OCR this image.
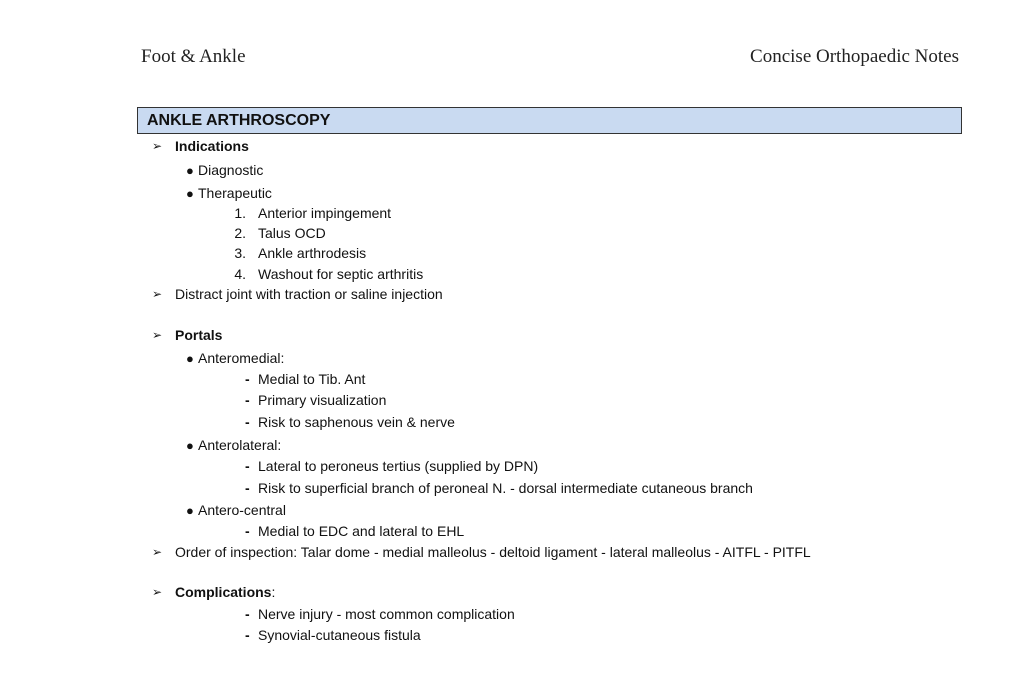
Foot & Ankle	Concise Orthopaedic Notes
ANKLE ARTHROSCOPY
➢ Indications
● Diagnostic
● Therapeutic
1. Anterior impingement
2. Talus OCD
3. Ankle arthrodesis
4. Washout for septic arthritis
➢ Distract joint with traction or saline injection
➢ Portals
● Anteromedial:
- Medial to Tib. Ant
- Primary visualization
- Risk to saphenous vein & nerve
● Anterolateral:
- Lateral to peroneus tertius (supplied by DPN)
- Risk to superficial branch of peroneal N. - dorsal intermediate cutaneous branch
● Antero-central
- Medial to EDC and lateral to EHL
➢ Order of inspection: Talar dome - medial malleolus - deltoid ligament - lateral malleolus - AITFL - PITFL
➢ Complications:
- Nerve injury - most common complication
- Synovial-cutaneous fistula
